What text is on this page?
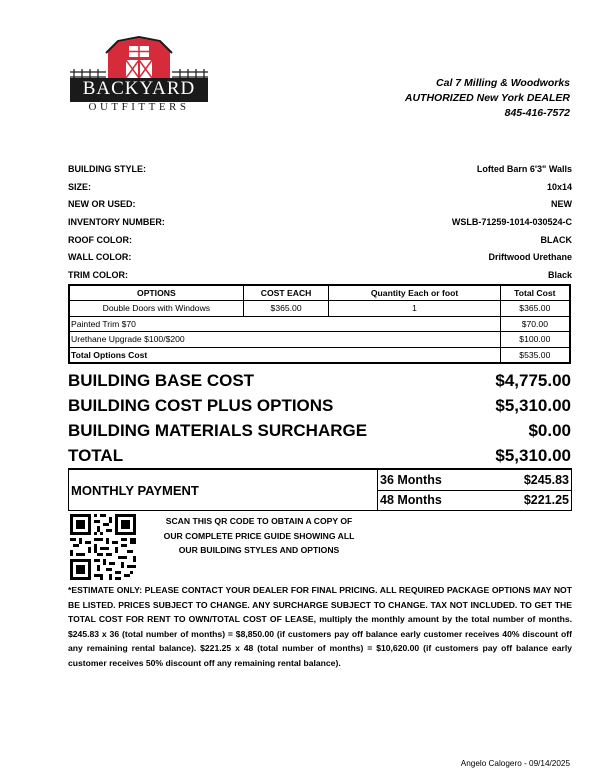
BACKYARD
OUTFITTERS
Cal 7 Milling & Woodworks
AUTHORIZED New York DEALER
845-416-7572
BUILDING STYLE:	Lofted Barn 6'3" Walls
SIZE:	10x14
NEW OR USED:	NEW
INVENTORY NUMBER:	WSLB-71259-1014-030524-C
ROOF COLOR:	BLACK
WALL COLOR:	Driftwood Urethane
TRIM COLOR:	Black
OPTIONS	COST EACH	Quantity Each or foot	Total Cost
Double Doors with Windows	$365.00	1	$365.00
Painted Trim $70			$70.00
Urethane Upgrade $100/$200			$100.00
Total Options Cost			$535.00
BUILDING BASE COST	$4,775.00
BUILDING COST PLUS OPTIONS	$5,310.00
BUILDING MATERIALS SURCHARGE	$0.00
TOTAL	$5,310.00
MONTHLY PAYMENT
36 Months	$245.83
48 Months	$221.25
SCAN THIS QR CODE TO OBTAIN A COPY OF
OUR COMPLETE PRICE GUIDE SHOWING ALL
OUR BUILDING STYLES AND OPTIONS
*ESTIMATE ONLY: PLEASE CONTACT YOUR DEALER FOR FINAL PRICING. ALL REQUIRED PACKAGE OPTIONS MAY NOT BE LISTED. PRICES SUBJECT TO CHANGE. ANY SURCHARGE SUBJECT TO CHANGE. TAX NOT INCLUDED. TO GET THE TOTAL COST FOR RENT TO OWN/TOTAL COST OF LEASE, multiply the monthly amount by the total number of months. $245.83 x 36 (total number of months) = $8,850.00 (if customers pay off balance early customer receives 40% discount off any remaining rental balance). $221.25 x 48 (total number of months) = $10,620.00 (if customers pay off balance early customer receives 50% discount off any remaining rental balance).
Angelo Calogero - 09/14/2025
